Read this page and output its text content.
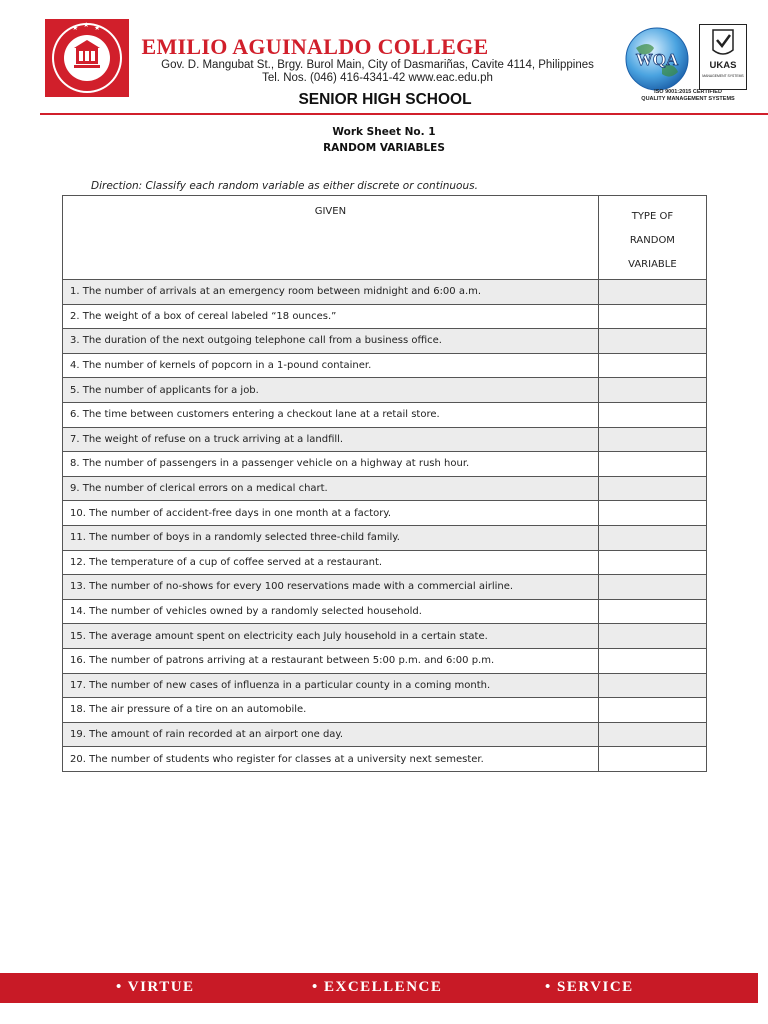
★ ★ ★
EMILIO AGUINALDO COLLEGE
Gov. D. Mangubat St., Brgy. Burol Main, City of Dasmariñas, Cavite 4114, Philippines
Tel. Nos. (046) 416-4341-42 www.eac.edu.ph
SENIOR HIGH SCHOOL
WQA	UKAS
MANAGEMENT SYSTEMS
ISO 9001:2015 CERTIFIED
QUALITY MANAGEMENT SYSTEMS
Work Sheet No. 1
RANDOM VARIABLES
Direction: Classify each random variable as either discrete or continuous.
GIVEN	TYPE OF
RANDOM
VARIABLE

1. The number of arrivals at an emergency room between midnight and 6:00 a.m.	
2. The weight of a box of cereal labeled “18 ounces.”	
3. The duration of the next outgoing telephone call from a business office.	
4. The number of kernels of popcorn in a 1-pound container.	
5. The number of applicants for a job.	
6. The time between customers entering a checkout lane at a retail store.	
7. The weight of refuse on a truck arriving at a landfill.	
8. The number of passengers in a passenger vehicle on a highway at rush hour.	
9. The number of clerical errors on a medical chart.	
10. The number of accident-free days in one month at a factory.	
11. The number of boys in a randomly selected three-child family.	
12. The temperature of a cup of coffee served at a restaurant.	
13. The number of no-shows for every 100 reservations made with a commercial airline.	
14. The number of vehicles owned by a randomly selected household.	
15. The average amount spent on electricity each July household in a certain state.	
16. The number of patrons arriving at a restaurant between 5:00 p.m. and 6:00 p.m.	
17. The number of new cases of influenza in a particular county in a coming month.	
18. The air pressure of a tire on an automobile.	
19. The amount of rain recorded at an airport one day.	
20. The number of students who register for classes at a university next semester.	
• VIRTUE	• EXCELLENCE	• SERVICE
